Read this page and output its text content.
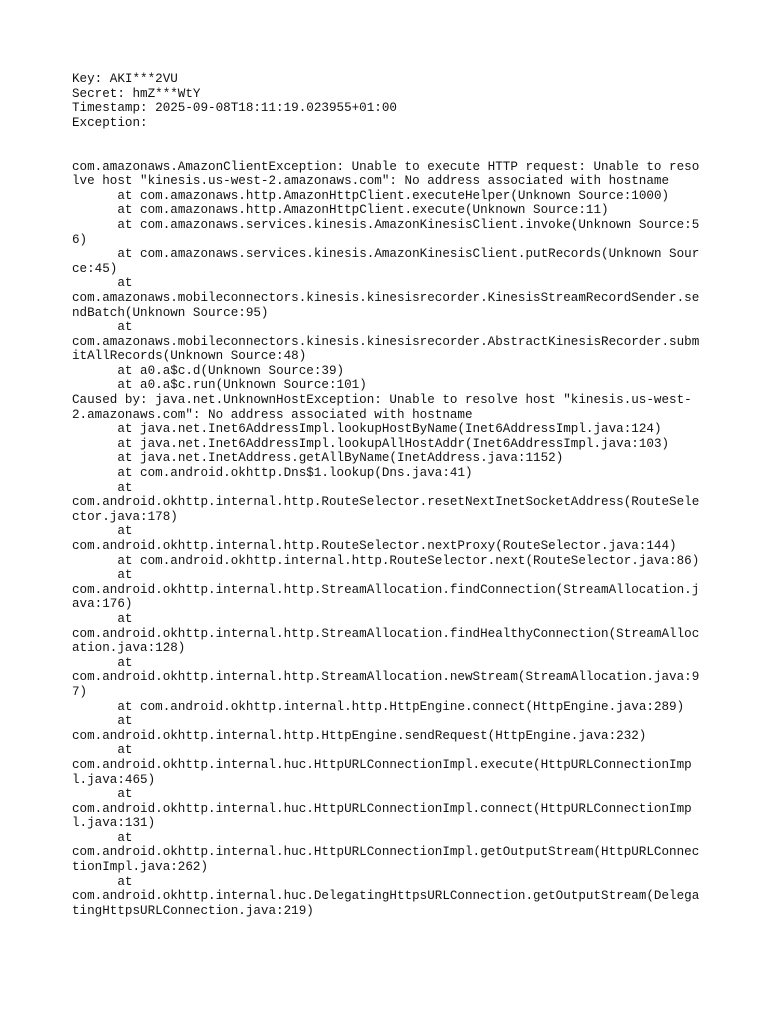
Key: AKI***2VU
Secret: hmZ***WtY
Timestamp: 2025-09-08T18:11:19.023955+01:00
Exception:
com.amazonaws.AmazonClientException: Unable to execute HTTP request: Unable to resolve host "kinesis.us-west-2.amazonaws.com": No address associated with hostname
at com.amazonaws.http.AmazonHttpClient.executeHelper(Unknown Source:1000)
at com.amazonaws.http.AmazonHttpClient.execute(Unknown Source:11)
at com.amazonaws.services.kinesis.AmazonKinesisClient.invoke(Unknown Source:56)
at com.amazonaws.services.kinesis.AmazonKinesisClient.putRecords(Unknown Source:45)
at
com.amazonaws.mobileconnectors.kinesis.kinesisrecorder.KinesisStreamRecordSender.sendBatch(Unknown Source:95)
at
com.amazonaws.mobileconnectors.kinesis.kinesisrecorder.AbstractKinesisRecorder.submitAllRecords(Unknown Source:48)
at a0.a$c.d(Unknown Source:39)
at a0.a$c.run(Unknown Source:101)
Caused by: java.net.UnknownHostException: Unable to resolve host "kinesis.us-west-2.amazonaws.com": No address associated with hostname
at java.net.Inet6AddressImpl.lookupHostByName(Inet6AddressImpl.java:124)
at java.net.Inet6AddressImpl.lookupAllHostAddr(Inet6AddressImpl.java:103)
at java.net.InetAddress.getAllByName(InetAddress.java:1152)
at com.android.okhttp.Dns$1.lookup(Dns.java:41)
at
com.android.okhttp.internal.http.RouteSelector.resetNextInetSocketAddress(RouteSelector.java:178)
at
com.android.okhttp.internal.http.RouteSelector.nextProxy(RouteSelector.java:144)
at com.android.okhttp.internal.http.RouteSelector.next(RouteSelector.java:86)
at
com.android.okhttp.internal.http.StreamAllocation.findConnection(StreamAllocation.java:176)
at
com.android.okhttp.internal.http.StreamAllocation.findHealthyConnection(StreamAllocation.java:128)
at
com.android.okhttp.internal.http.StreamAllocation.newStream(StreamAllocation.java:97)
at com.android.okhttp.internal.http.HttpEngine.connect(HttpEngine.java:289)
at
com.android.okhttp.internal.http.HttpEngine.sendRequest(HttpEngine.java:232)
at
com.android.okhttp.internal.huc.HttpURLConnectionImpl.execute(HttpURLConnectionImpl.java:465)
at
com.android.okhttp.internal.huc.HttpURLConnectionImpl.connect(HttpURLConnectionImpl.java:131)
at
com.android.okhttp.internal.huc.HttpURLConnectionImpl.getOutputStream(HttpURLConnectionImpl.java:262)
at
com.android.okhttp.internal.huc.DelegatingHttpsURLConnection.getOutputStream(DelegatingHttpsURLConnection.java:219)
